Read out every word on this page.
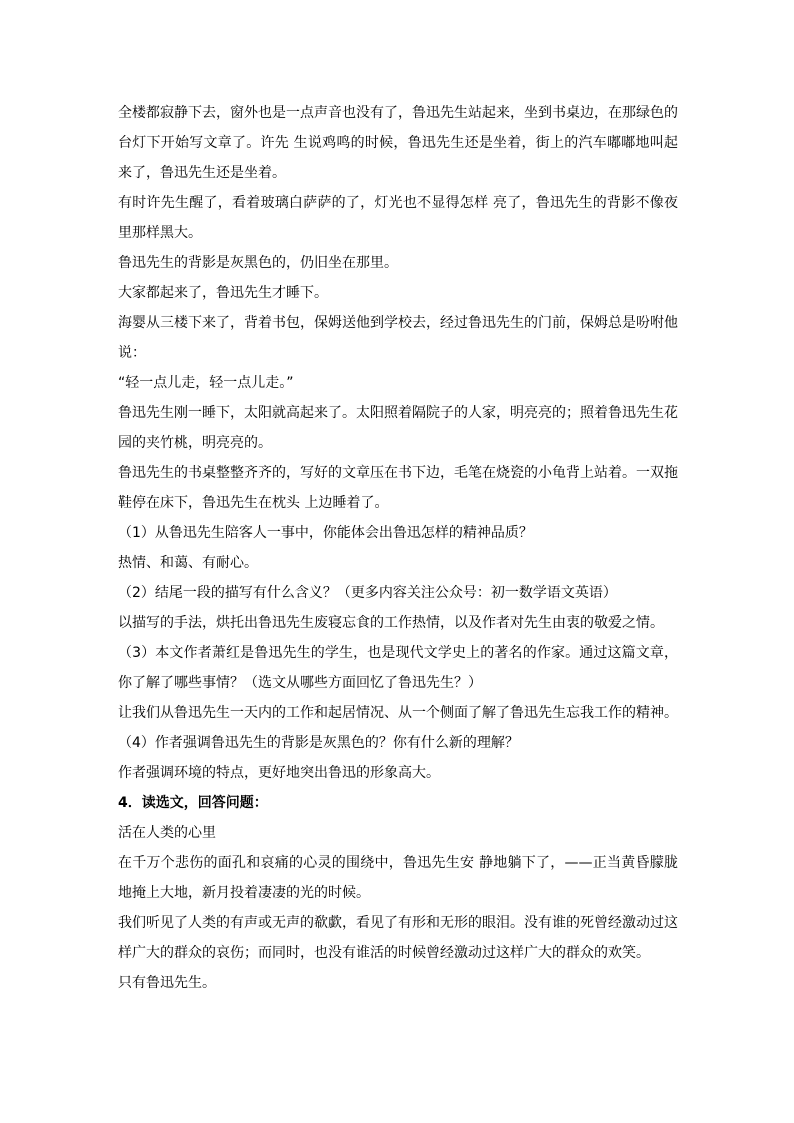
全楼都寂静下去，窗外也是一点声音也没有了，鲁迅先生站起来，坐到书桌边，在那绿色的
台灯下开始写文章了。许先 生说鸡鸣的时候，鲁迅先生还是坐着，街上的汽车嘟嘟地叫起
来了，鲁迅先生还是坐着。
有时许先生醒了，看着玻璃白萨萨的了，灯光也不显得怎样 亮了，鲁迅先生的背影不像夜
里那样黑大。
鲁迅先生的背影是灰黑色的，仍旧坐在那里。
大家都起来了，鲁迅先生才睡下。
海婴从三楼下来了，背着书包，保姆送他到学校去，经过鲁迅先生的门前，保姆总是吩咐他
说：
“轻一点儿走，轻一点儿走。”
鲁迅先生刚一睡下，太阳就高起来了。太阳照着隔院子的人家，明亮亮的；照着鲁迅先生花
园的夹竹桃，明亮亮的。
鲁迅先生的书桌整整齐齐的，写好的文章压在书下边，毛笔在烧瓷的小龟背上站着。一双拖
鞋停在床下，鲁迅先生在枕头 上边睡着了。
（1）从鲁迅先生陪客人一事中，你能体会出鲁迅怎样的精神品质？
热情、和蔼、有耐心。
（2）结尾一段的描写有什么含义？（更多内容关注公众号：初一数学语文英语）
以描写的手法，烘托出鲁迅先生废寝忘食的工作热情，以及作者对先生由衷的敬爱之情。
（3）本文作者萧红是鲁迅先生的学生，也是现代文学史上的著名的作家。通过这篇文章，
你了解了哪些事情？（选文从哪些方面回忆了鲁迅先生？）
让我们从鲁迅先生一天内的工作和起居情况、从一个侧面了解了鲁迅先生忘我工作的精神。
（4）作者强调鲁迅先生的背影是灰黑色的？你有什么新的理解？
作者强调环境的特点，更好地突出鲁迅的形象高大。
4．读选文，回答问题：
活在人类的心里
在千万个悲伤的面孔和哀痛的心灵的围绕中，鲁迅先生安 静地躺下了，——正当黄昏朦胧
地掩上大地，新月投着凄凄的光的时候。
我们听见了人类的有声或无声的欷歔，看见了有形和无形的眼泪。没有谁的死曾经激动过这
样广大的群众的哀伤；而同时，也没有谁活的时候曾经激动过这样广大的群众的欢笑。
只有鲁迅先生。
